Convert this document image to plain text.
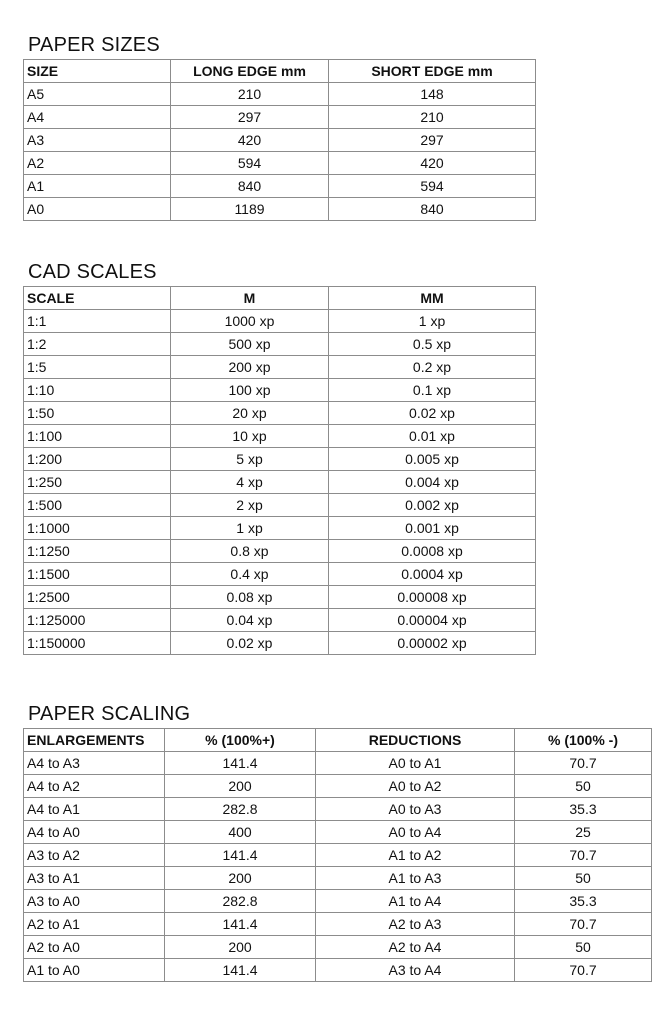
PAPER SIZES
SIZE	LONG EDGE mm	SHORT EDGE mm
A5	210	148
A4	297	210
A3	420	297
A2	594	420
A1	840	594
A0	1189	840
CAD SCALES
SCALE	M	MM
1:1	1000 xp	1 xp
1:2	500 xp	0.5 xp
1:5	200 xp	0.2 xp
1:10	100 xp	0.1 xp
1:50	20 xp	0.02 xp
1:100	10 xp	0.01 xp
1:200	5 xp	0.005 xp
1:250	4 xp	0.004 xp
1:500	2 xp	0.002 xp
1:1000	1 xp	0.001 xp
1:1250	0.8 xp	0.0008 xp
1:1500	0.4 xp	0.0004 xp
1:2500	0.08 xp	0.00008 xp
1:125000	0.04 xp	0.00004 xp
1:150000	0.02 xp	0.00002 xp
PAPER SCALING
ENLARGEMENTS	% (100%+)	REDUCTIONS	% (100% -)
A4 to A3	141.4	A0 to A1	70.7
A4 to A2	200	A0 to A2	50
A4 to A1	282.8	A0 to A3	35.3
A4 to A0	400	A0 to A4	25
A3 to A2	141.4	A1 to A2	70.7
A3 to A1	200	A1 to A3	50
A3 to A0	282.8	A1 to A4	35.3
A2 to A1	141.4	A2 to A3	70.7
A2 to A0	200	A2 to A4	50
A1 to A0	141.4	A3 to A4	70.7
